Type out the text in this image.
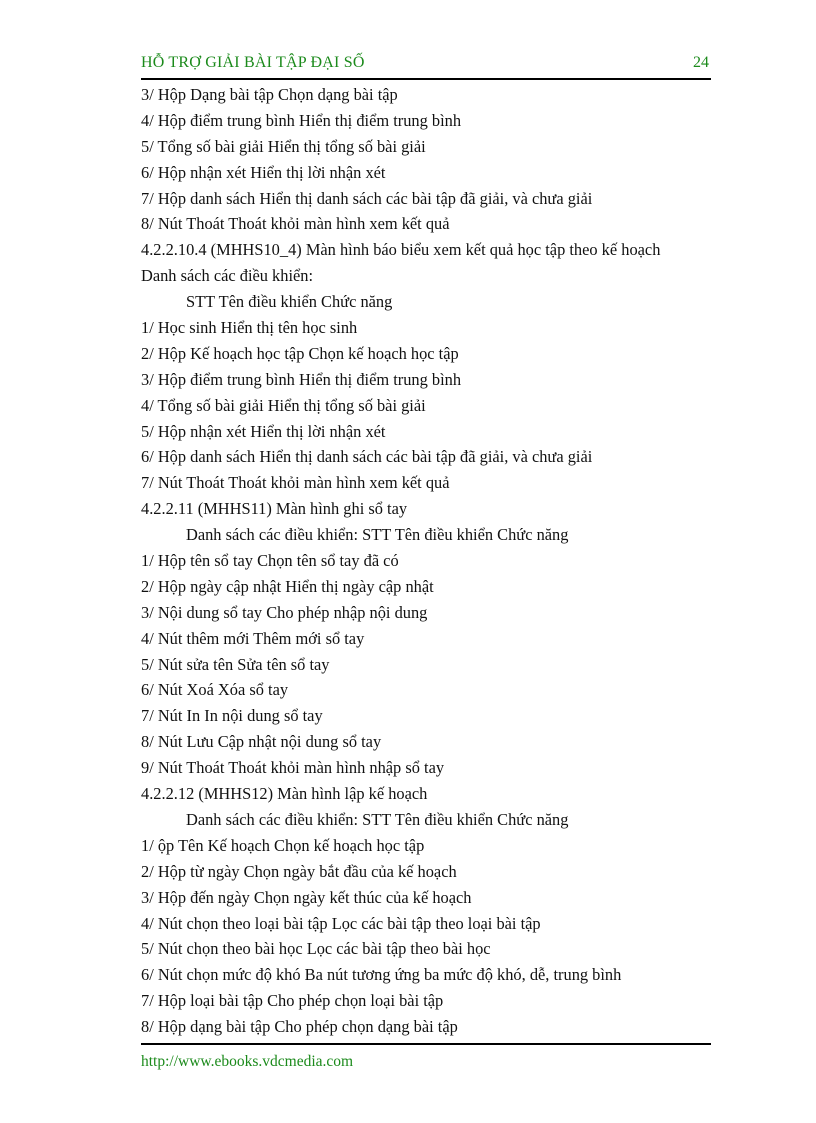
HỖ TRỢ GIẢI BÀI TẬP ĐẠI SỐ	24
3/ Hộp Dạng bài tập Chọn dạng bài tập
4/ Hộp điểm trung bình Hiển thị điểm trung bình
5/ Tổng số bài giải Hiển thị tổng số bài giải
6/ Hộp nhận xét Hiển thị lời nhận xét
7/ Hộp danh sách Hiển thị danh sách các bài tập đã giải, và chưa giải
8/ Nút Thoát Thoát khỏi màn hình xem kết quả
4.2.2.10.4 (MHHS10_4) Màn hình báo biểu xem kết quả học tập theo kế hoạch
Danh sách các điều khiển:
STT Tên điều khiển Chức năng
1/ Học sinh Hiển thị tên học sinh
2/ Hộp Kế hoạch học tập Chọn kế hoạch học tập
3/ Hộp điểm trung bình Hiển thị điểm trung bình
4/ Tổng số bài giải Hiển thị tổng số bài giải
5/ Hộp nhận xét Hiển thị lời nhận xét
6/ Hộp danh sách Hiển thị danh sách các bài tập đã giải, và chưa giải
7/ Nút Thoát Thoát khỏi màn hình xem kết quả
4.2.2.11 (MHHS11) Màn hình ghi sổ tay
Danh sách các điều khiển: STT Tên điều khiển Chức năng
1/ Hộp tên sổ tay Chọn tên sổ tay đã có
2/ Hộp ngày cập nhật Hiển thị ngày cập nhật
3/ Nội dung sổ tay Cho phép nhập nội dung
4/ Nút thêm mới Thêm mới sổ tay
5/ Nút sửa tên Sửa tên sổ tay
6/ Nút Xoá Xóa sổ tay
7/ Nút In In nội dung sổ tay
8/ Nút Lưu Cập nhật nội dung sổ tay
9/ Nút Thoát Thoát khỏi màn hình nhập sổ tay
4.2.2.12 (MHHS12) Màn hình lập kế hoạch
Danh sách các điều khiển: STT Tên điều khiển Chức năng
1/ ộp Tên Kế hoạch Chọn kế hoạch học tập
2/ Hộp từ ngày Chọn ngày bắt đầu của kế hoạch
3/ Hộp đến ngày Chọn ngày kết thúc của kế hoạch
4/ Nút chọn theo loại bài tập Lọc các bài tập theo loại bài tập
5/ Nút chọn theo bài học Lọc các bài tập theo bài học
6/ Nút chọn mức độ khó Ba nút tương ứng ba mức độ khó, dễ, trung bình
7/ Hộp loại bài tập Cho phép chọn loại bài tập
8/ Hộp dạng bài tập Cho phép chọn dạng bài tập
http://www.ebooks.vdcmedia.com
